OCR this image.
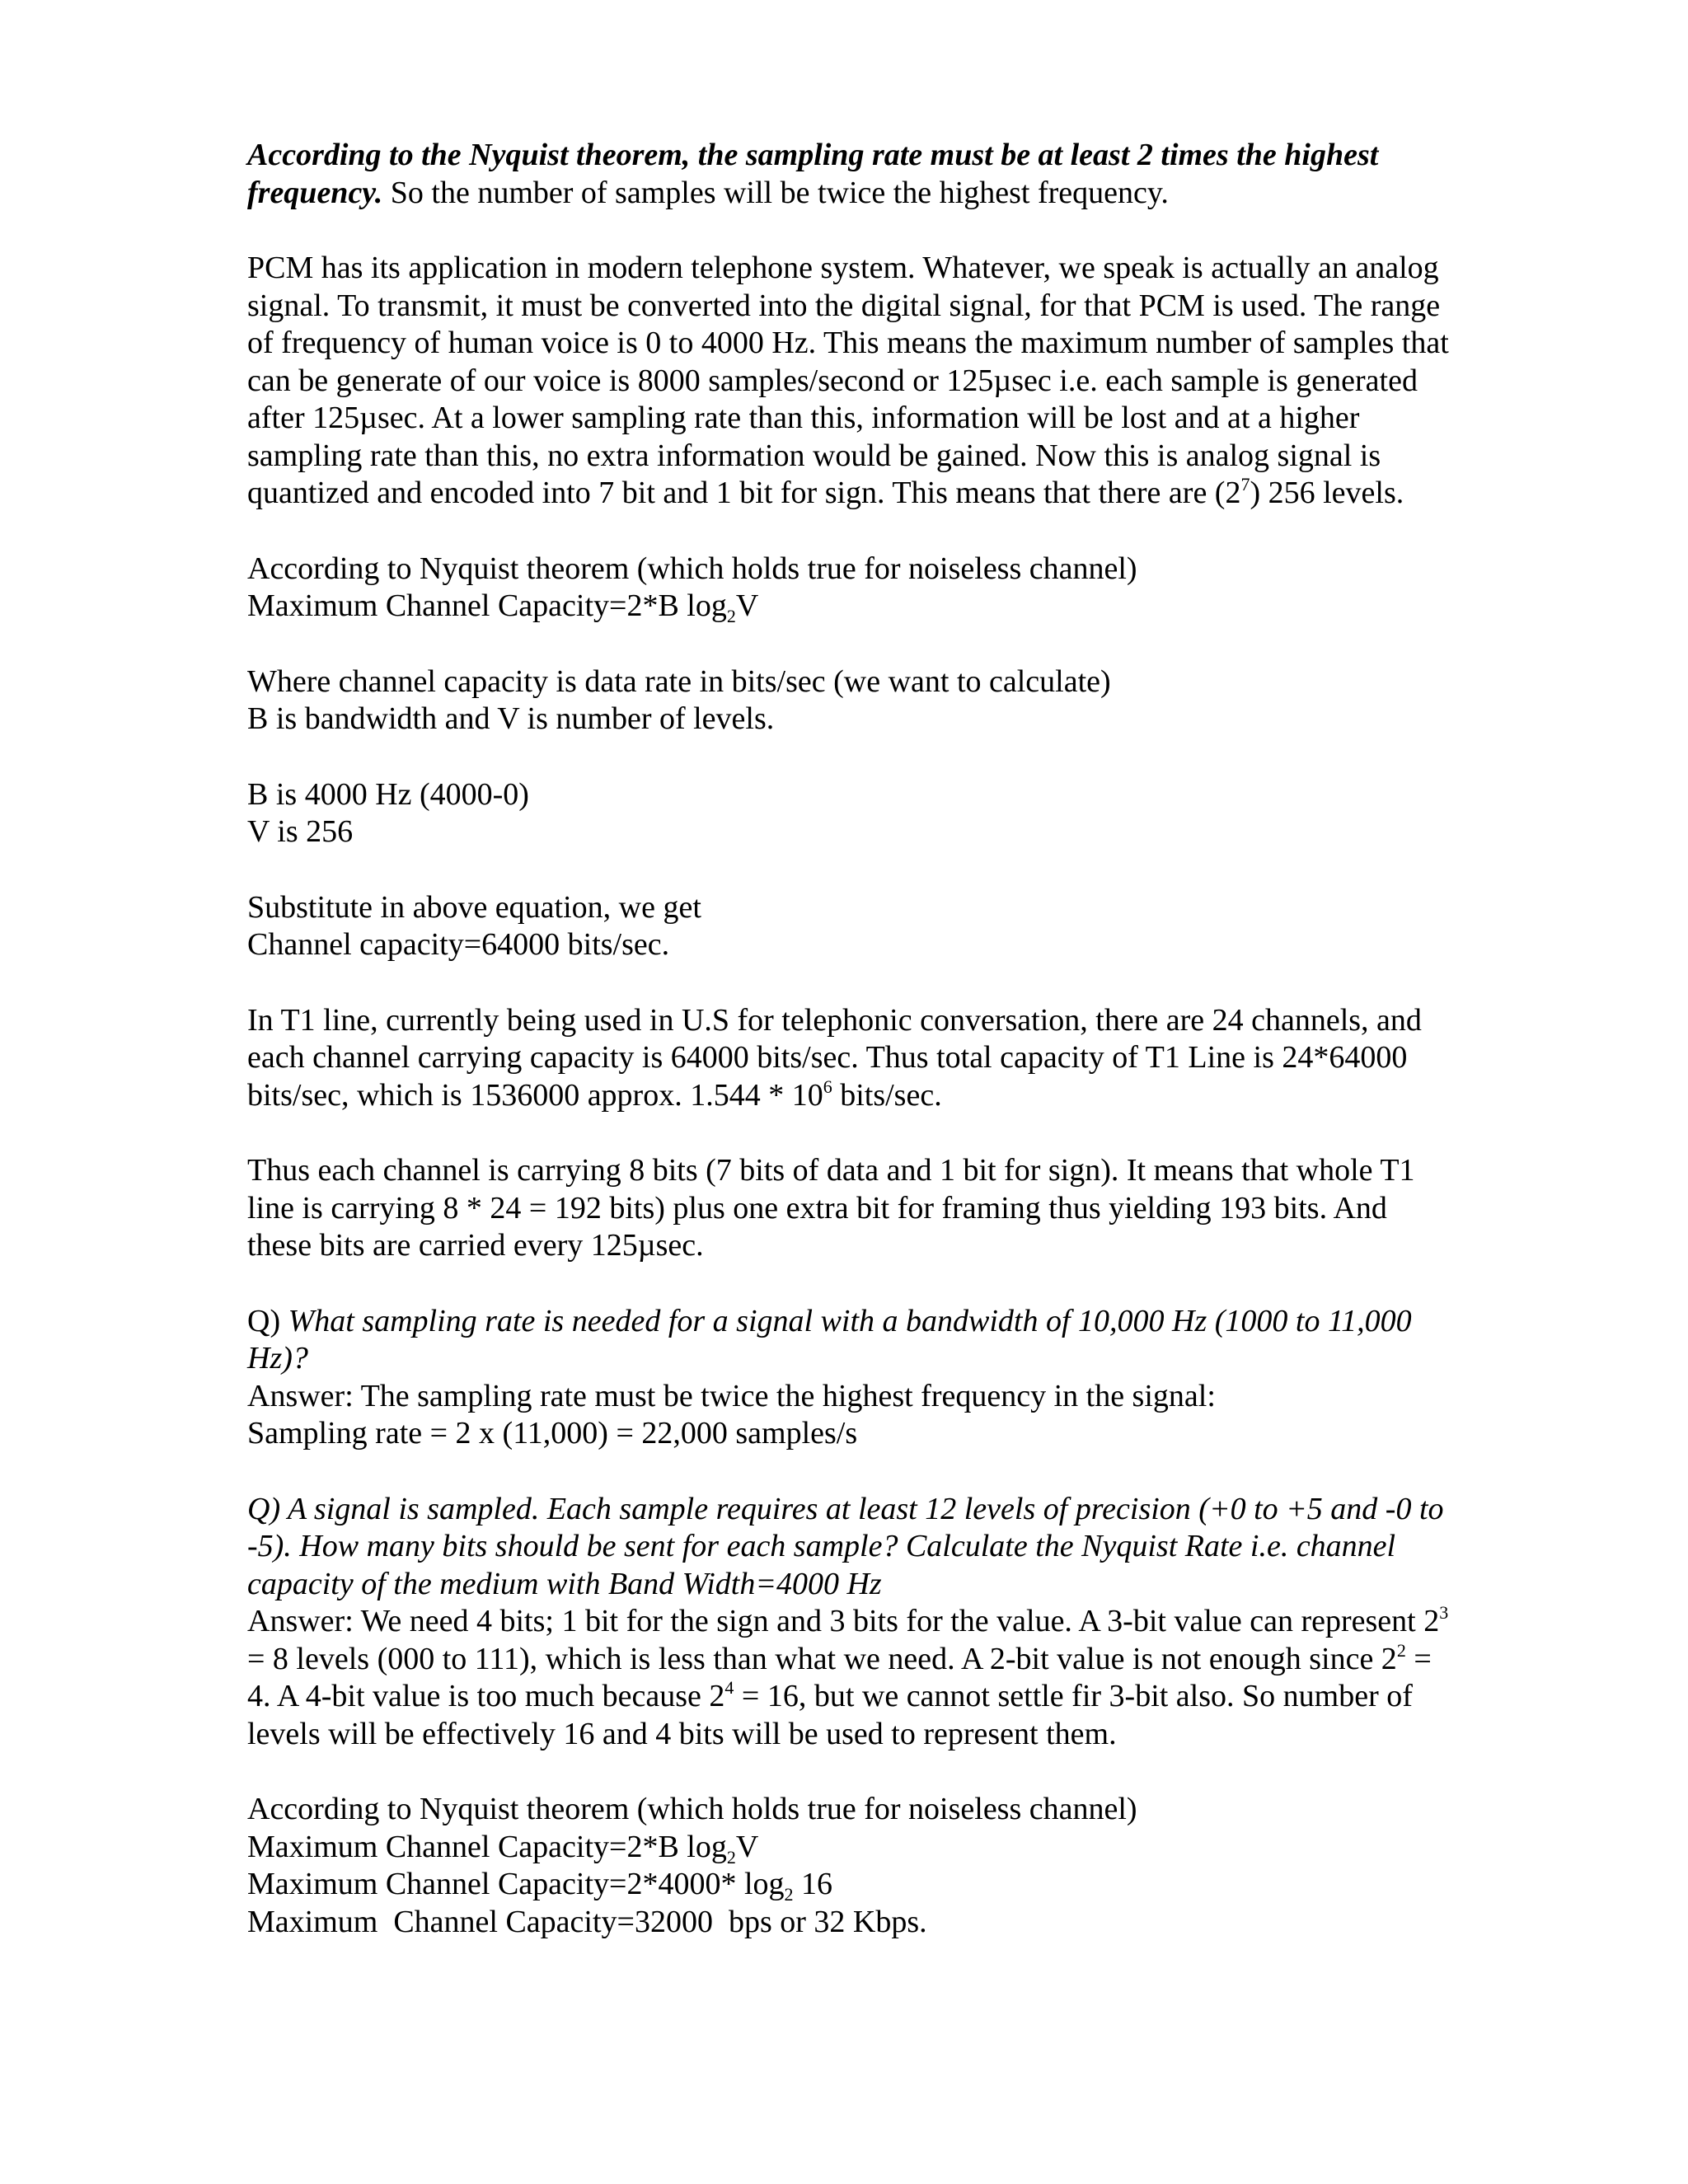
According to the Nyquist theorem, the sampling rate must be at least 2 times the highest frequency. So the number of samples will be twice the highest frequency.

PCM has its application in modern telephone system. Whatever, we speak is actually an analog signal. To transmit, it must be converted into the digital signal, for that PCM is used. The range of frequency of human voice is 0 to 4000 Hz. This means the maximum number of samples that can be generate of our voice is 8000 samples/second or 125µsec i.e. each sample is generated after 125µsec. At a lower sampling rate than this, information will be lost and at a higher sampling rate than this, no extra information would be gained. Now this is analog signal is quantized and encoded into 7 bit and 1 bit for sign. This means that there are $(2^7)$ 256 levels.

According to Nyquist theorem (which holds true for noiseless channel)

Maximum Channel Capacity=2*B $\log_2V$

Where channel capacity is data rate in bits/sec (we want to calculate)

B is bandwidth and V is number of levels.

B is 4000 Hz (4000-0)

V is 256

Substitute in above equation, we get

Channel capacity=64000 bits/sec.

In T1 line, currently being used in U.S for telephonic conversation, there are 24 channels, and each channel carrying capacity is 64000 bits/sec. Thus total capacity of T1 Line is 24*64000 bits/sec, which is 1536000 approx. $1.544 * 10^6$ bits/sec.

Thus each channel is carrying 8 bits (7 bits of data and 1 bit for sign). It means that whole T1 line is carrying 8 * 24 = 192 bits) plus one extra bit for framing thus yielding 193 bits. And these bits are carried every 125µsec.

Q) What sampling rate is needed for a signal with a bandwidth of 10,000 Hz (1000 to 11,000 Hz)?

Answer: The sampling rate must be twice the highest frequency in the signal:

Sampling rate = 2 x (11,000) = 22,000 samples/s

Q) A signal is sampled. Each sample requires at least 12 levels of precision (+0 to +5 and -0 to -5). How many bits should be sent for each sample? Calculate the Nyquist Rate i.e. channel capacity of the medium with Band Width=4000 Hz

Answer: We need 4 bits; 1 bit for the sign and 3 bits for the value. A 3-bit value can represent $2^3 = 8$ levels (000 to 111), which is less than what we need. A 2-bit value is not enough since $2^2 = 4$. A 4-bit value is too much because $2^4 = 16$, but we cannot settle fir 3-bit also. So number of levels will be effectively 16 and 4 bits will be used to represent them.

According to Nyquist theorem (which holds true for noiseless channel)

Maximum Channel Capacity=2*B $\log_2V$

Maximum Channel Capacity=2*4000* $\log_2 16$

Maximum  Channel Capacity=32000  bps or 32 Kbps.
